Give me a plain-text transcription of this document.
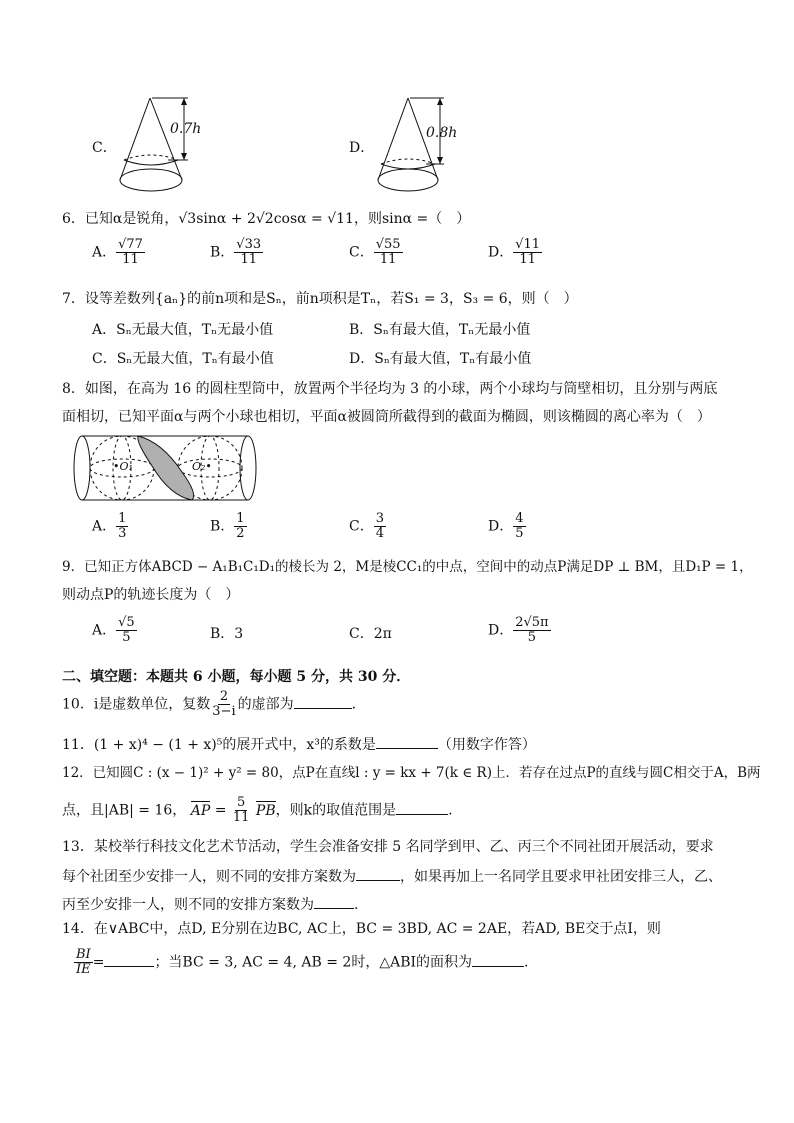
C．
0.7h
D．
0.8h
6．已知α是锐角，√3sinα + 2√2cosα = √11，则sinα =（　）
A． $\frac{√77}{11}$	B． $\frac{√33}{11}$	C． $\frac{√55}{11}$	D． $\frac{√11}{11}$
7．设等差数列{aₙ}的前n项和是Sₙ，前n项积是Tₙ，若S₁ = 3，S₃ = 6，则（　）
A．Sₙ无最大值，Tₙ无最小值	B．Sₙ有最大值，Tₙ无最小值
C．Sₙ无最大值，Tₙ有最小值	D．Sₙ有最大值，Tₙ有最小值
8．如图，在高为 16 的圆柱型筒中，放置两个半径均为 3 的小球，两个小球均与筒壁相切，且分别与两底
面相切，已知平面α与两个小球也相切，平面α被圆筒所截得到的截面为椭圆，则该椭圆的离心率为（　）
•O₁	O₂•
A． $\frac{1}{3}$	B． $\frac{1}{2}$	C． $\frac{3}{4}$	D． $\frac{4}{5}$
9．已知正方体ABCD − A₁B₁C₁D₁的棱长为 2，M是棱CC₁的中点，空间中的动点P满足DP ⊥ BM，且D₁P = 1，
则动点P的轨迹长度为（　）
A． $\frac{√5}{5}$	B．3	C．2π	D． $\frac{2√5\pi}{5}$
二、填空题：本题共 6 小题，每小题 5 分，共 30 分．
10．i是虚数单位，复数 $\frac{2}{3-i}$ 的虚部为	.
11．(1 + x)⁴ − (1 + x)⁵的展开式中，x³的系数是	（用数字作答）
12．已知圆C : (x − 1)² + y² = 80，点P在直线l : y = kx + 7(k ∈ R)上．若存在过点P的直线与圆C相交于A，B两
点，且|AB| = 16， AP = $\frac{5}{11}$ PB，则k的取值范围是	.
13．某校举行科技文化艺术节活动，学生会准备安排 5 名同学到甲、乙、丙三个不同社团开展活动，要求
每个社团至少安排一人，则不同的安排方案数为	，如果再加上一名同学且要求甲社团安排三人，乙、
丙至少安排一人，则不同的安排方案数为	.
14．在∨ABC中，点D, E分别在边BC, AC上，BC = 3BD, AC = 2AE，若AD, BE交于点I，则
$\frac{BI}{IE}$ =	；当BC = 3, AC = 4, AB = 2时，△ABI的面积为	.
